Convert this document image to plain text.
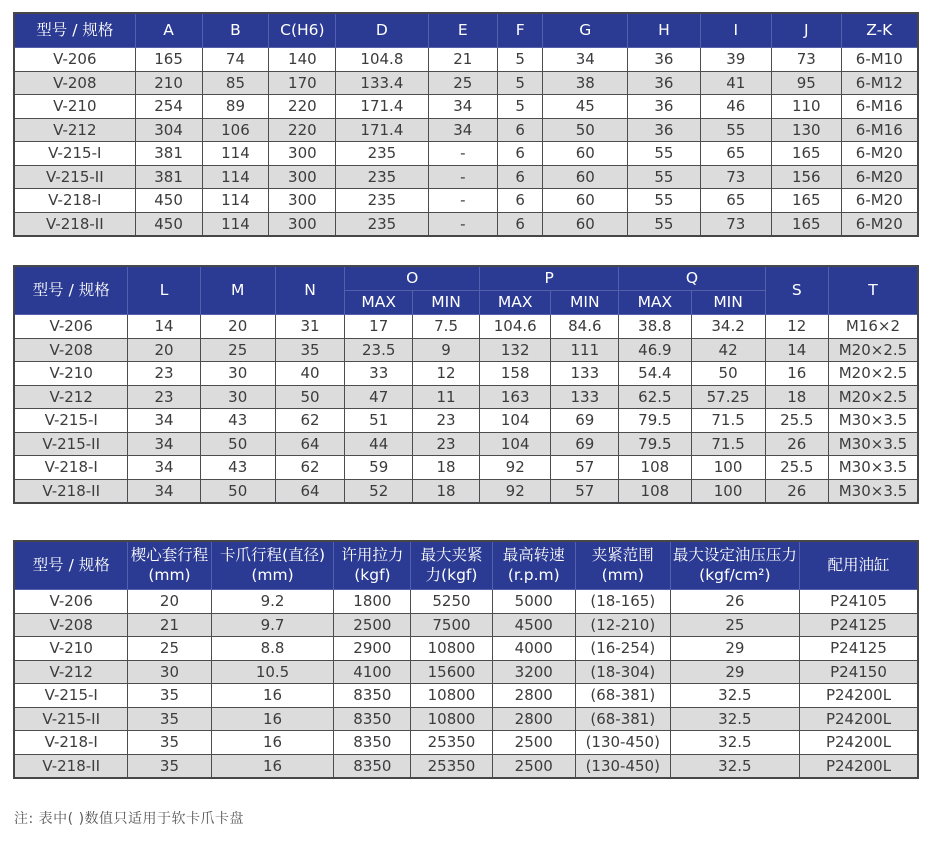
型号 / 规格	A	B	C(H6)	D	E	F	G	H	I	J	Z-K
V-206	165	74	140	104.8	21	5	34	36	39	73	6-M10
V-208	210	85	170	133.4	25	5	38	36	41	95	6-M12
V-210	254	89	220	171.4	34	5	45	36	46	110	6-M16
V-212	304	106	220	171.4	34	6	50	36	55	130	6-M16
V-215-I	381	114	300	235	-	6	60	55	65	165	6-M20
V-215-II	381	114	300	235	-	6	60	55	73	156	6-M20
V-218-I	450	114	300	235	-	6	60	55	65	165	6-M20
V-218-II	450	114	300	235	-	6	60	55	73	165	6-M20
型号 / 规格	L	M	N	O		P		Q		S	T
				MAX	MIN	MAX	MIN	MAX	MIN		
V-206	14	20	31	17	7.5	104.6	84.6	38.8	34.2	12	M16×2
V-208	20	25	35	23.5	9	132	111	46.9	42	14	M20×2.5
V-210	23	30	40	33	12	158	133	54.4	50	16	M20×2.5
V-212	23	30	50	47	11	163	133	62.5	57.25	18	M20×2.5
V-215-I	34	43	62	51	23	104	69	79.5	71.5	25.5	M30×3.5
V-215-II	34	50	64	44	23	104	69	79.5	71.5	26	M30×3.5
V-218-I	34	43	62	59	18	92	57	108	100	25.5	M30×3.5
V-218-II	34	50	64	52	18	92	57	108	100	26	M30×3.5
型号 / 规格	楔心套行程(mm)	卡爪行程(直径)(mm)	许用拉力(kgf)	最大夹紧力(kgf)	最高转速(r.p.m)	夹紧范围(mm)	最大设定油压压力 (kgf/cm²)	配用油缸
V-206	20	9.2	1800	5250	5000	(18-165)	26	P24105
V-208	21	9.7	2500	7500	4500	(12-210)	25	P24125
V-210	25	8.8	2900	10800	4000	(16-254)	29	P24125
V-212	30	10.5	4100	15600	3200	(18-304)	29	P24150
V-215-I	35	16	8350	10800	2800	(68-381)	32.5	P24200L
V-215-II	35	16	8350	10800	2800	(68-381)	32.5	P24200L
V-218-I	35	16	8350	25350	2500	(130-450)	32.5	P24200L
V-218-II	35	16	8350	25350	2500	(130-450)	32.5	P24200L
注: 表中( )数值只适用于软卡爪卡盘
